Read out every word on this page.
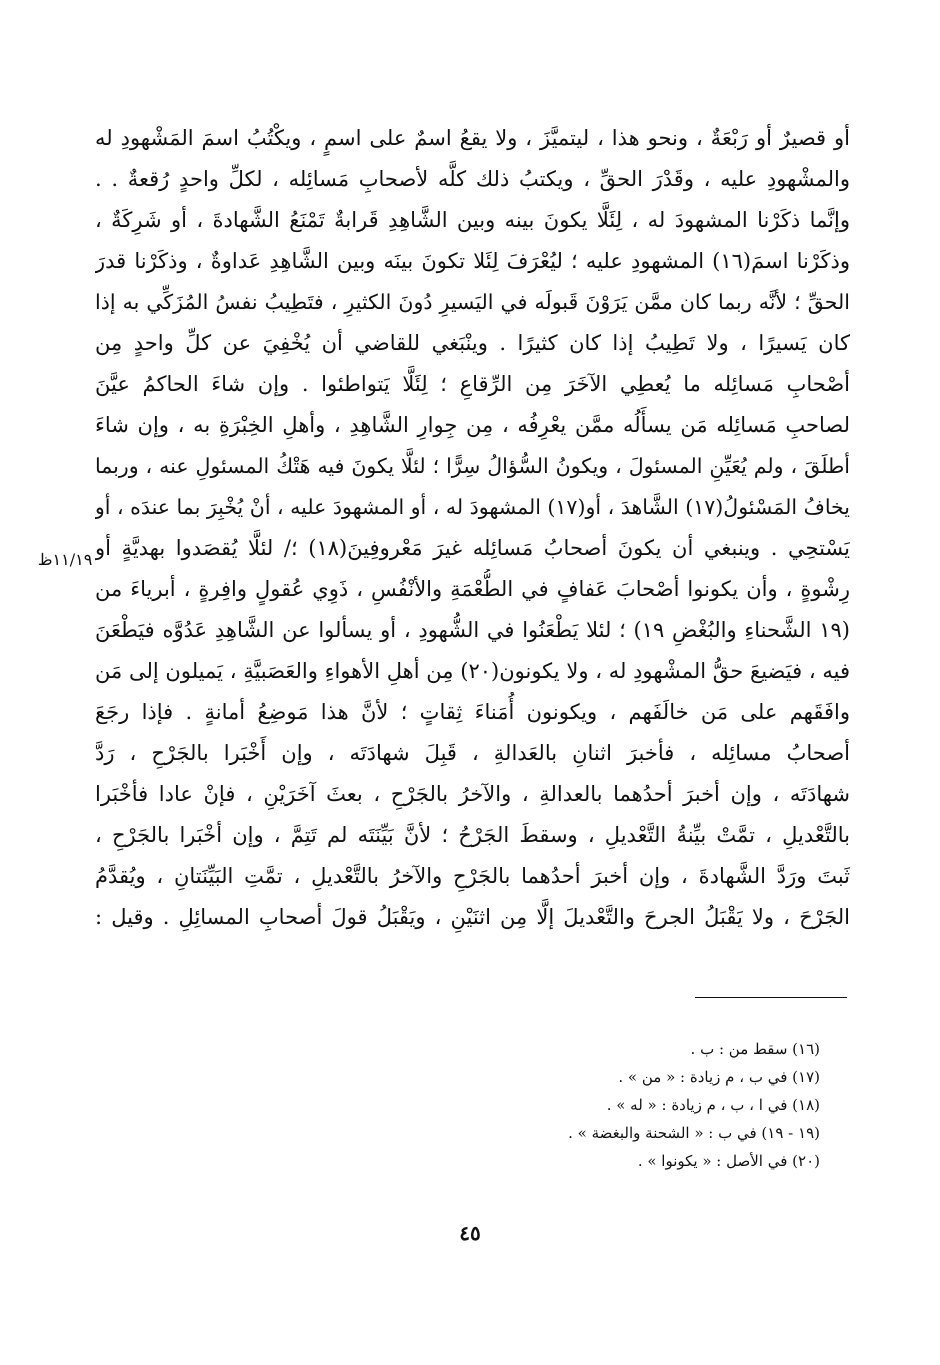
أو قصيرٌ أو رَبْعَةٌ ، ونحو هذا ، ليتميَّزَ ، ولا يقعُ اسمٌ على اسمٍ ، ويكْتُبُ اسمَ المَشْهودِ له
والمشْهودِ عليه ، وقَدْرَ الحقِّ ، ويكتبُ ذلك كلَّه لأصحابِ مَسائِله ، لكلِّ واحدٍ رُقعةٌ . .
وإنَّما ذكَرْنا المشهودَ له ، لِئَلَّا يكونَ بينه وبين الشَّاهِدِ قَرابةٌ تَمْنَعُ الشَّهادةَ ، أو شَرِكَةٌ ،
وذكَرْنا اسمَ(١٦) المشهودِ عليه ؛ ليُعْرَفَ لِئَلا تكونَ بينَه وبين الشَّاهِدِ عَداوةٌ ، وذكَرْنا قدرَ
الحقِّ ؛ لأنَّه ربما كان ممَّن يَرَوْنَ قَبولَه في اليَسيرِ دُونَ الكثيرِ ، فتَطِيبُ نفسُ المُزَكِّي به إذا
كان يَسيرًا ، ولا تَطِيبُ إذا كان كثيرًا . وينْبَغي للقاضي أن يُخْفِيَ عن كلِّ واحدٍ مِن
أصْحابِ مَسائِله ما يُعطِي الآخَرَ مِن الرِّقاعِ ؛ لِئَلَّا يَتواطئوا . وإن شاءَ الحاكمُ عيَّنَ
لصاحبِ مَسائِله مَن يسأَلُه ممَّن يعْرِفُه ، مِن جِوارِ الشَّاهِدِ ، وأهلِ الخِبْرَةِ به ، وإن شاءَ
أطلَقَ ، ولم يُعَيِّنِ المسئولَ ، ويكونُ السُّؤالُ سِرًّا ؛ لئلَّا يكونَ فيه هَتْكُ المسئولِ عنه ، وربما
يخافُ المَسْئولُ(١٧) الشَّاهدَ ، أو(١٧) المشهودَ له ، أو المشهودَ عليه ، أنْ يُخْبِرَ بما عندَه ، أو
يَسْتحِي . وينبغي أن يكونَ أصحابُ مَسائِله غيرَ مَعْروفِينَ(١٨) ؛/ لئلَّا يُقصَدوا بهديَّةٍ أو
رِشْوةٍ ، وأن يكونوا أصْحابَ عَفافٍ في الطُّعْمَةِ والأنْفُسِ ، ذَوِي عُقولٍ وافِرةٍ ، أبرياءَ من
(١٩ الشَّحناءِ والبُغْضِ ١٩) ؛ لئلا يَطْعَنُوا في الشُّهودِ ، أو يسألوا عن الشَّاهِدِ عَدُوَّه فيَطْعَنَ
فيه ، فيَضيعَ حقُّ المشْهودِ له ، ولا يكونون(٢٠) مِن أهلِ الأهواءِ والعَصَبيَّةِ ، يَميلون إلى مَن
وافَقَهم على مَن خالَفَهم ، ويكونون أُمَناءَ ثِقاتٍ ؛ لأنَّ هذا مَوضِعُ أمانةٍ . فإذا رجَعَ
أصحابُ مسائِله ، فأخبرَ اثنانِ بالعَدالةِ ، قَبِلَ شهادَتَه ، وإن أَخْبَرا بالجَرْحِ ، رَدَّ
شهادَتَه ، وإن أخبرَ أحدُهما بالعدالةِ ، والآخرُ بالجَرْحِ ، بعثَ آخَرَيْنِ ، فإنْ عادا فأخْبَرا
بالتَّعْديلِ ، تمَّتْ بيِّنةُ التَّعْديلِ ، وسقطَ الجَرْحُ ؛ لأنَّ بَيِّنَتَه لم تَتِمَّ ، وإن أخْبَرا بالجَرْحِ ،
ثَبتَ ورَدَّ الشَّهادةَ ، وإن أخبرَ أحدُهما بالجَرْحِ والآخرُ بالتَّعْديلِ ، تمَّتِ البَيِّنَتانِ ، ويُقدَّمُ
الجَرْحَ ، ولا يَقْبَلُ الجرحَ والتَّعْديلَ إلَّا مِن اثنَيْنِ ، ويَقْبَلُ قولَ أصحابِ المسائِلِ . وقيل :
١١/١٩ظ
(١٦) سقط من : ب .
(١٧) في ب ، م زيادة : « من » .
(١٨) في ا ، ب ، م زيادة : « له » .
(١٩ - ١٩) في ب : « الشحنة والبغضة » .
(٢٠) في الأصل : « يكونوا » .
٤٥
